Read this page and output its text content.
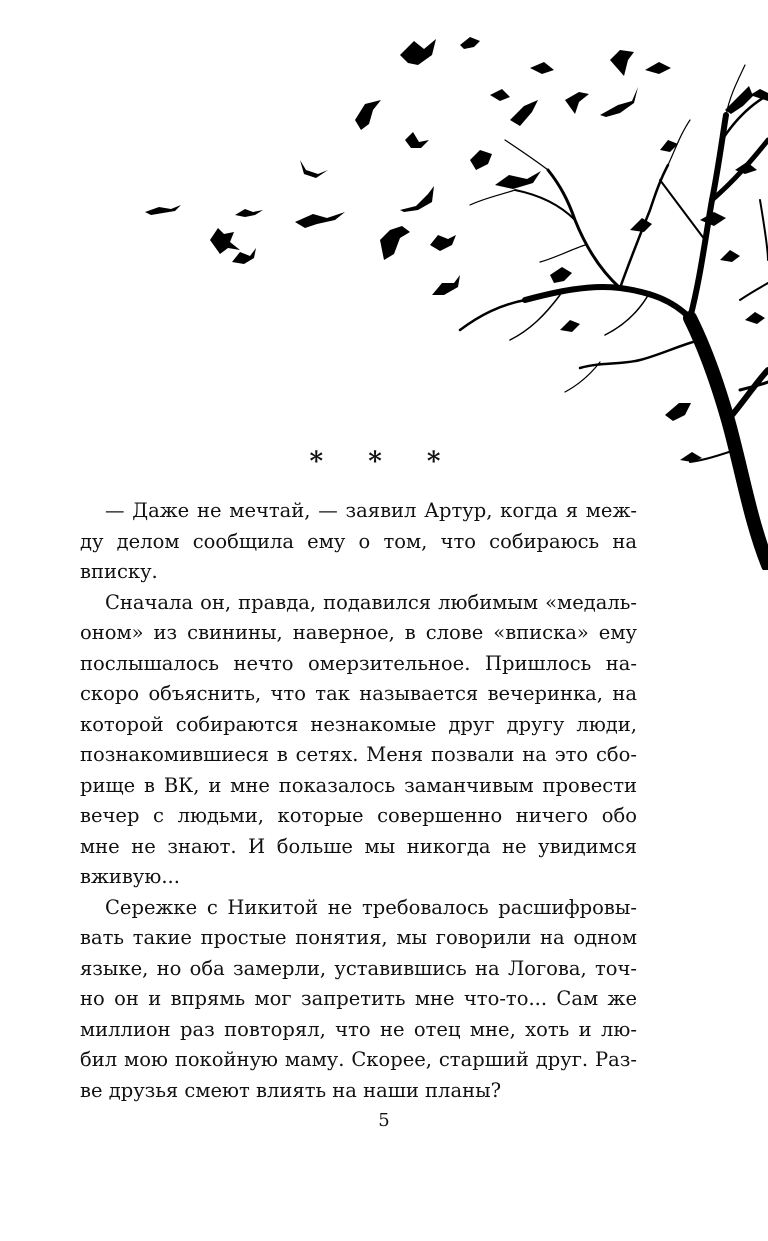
* * *
— Даже не мечтай, — заявил Артур, когда я меж-
ду делом сообщила ему о том, что собираюсь на
вписку.
Сначала он, правда, подавился любимым «медаль-
оном» из свинины, наверное, в слове «вписка» ему
послышалось нечто омерзительное. Пришлось на-
скоро объяснить, что так называется вечеринка, на
которой собираются незнакомые друг другу люди,
познакомившиеся в сетях. Меня позвали на это сбо-
рище в ВК, и мне показалось заманчивым провести
вечер с людьми, которые совершенно ничего обо
мне не знают. И больше мы никогда не увидимся
вживую...
Сережке с Никитой не требовалось расшифровы-
вать такие простые понятия, мы говорили на одном
языке, но оба замерли, уставившись на Логова, точ-
но он и впрямь мог запретить мне что-то... Сам же
миллион раз повторял, что не отец мне, хоть и лю-
бил мою покойную маму. Скорее, старший друг. Раз-
ве друзья смеют влиять на наши планы?
5
